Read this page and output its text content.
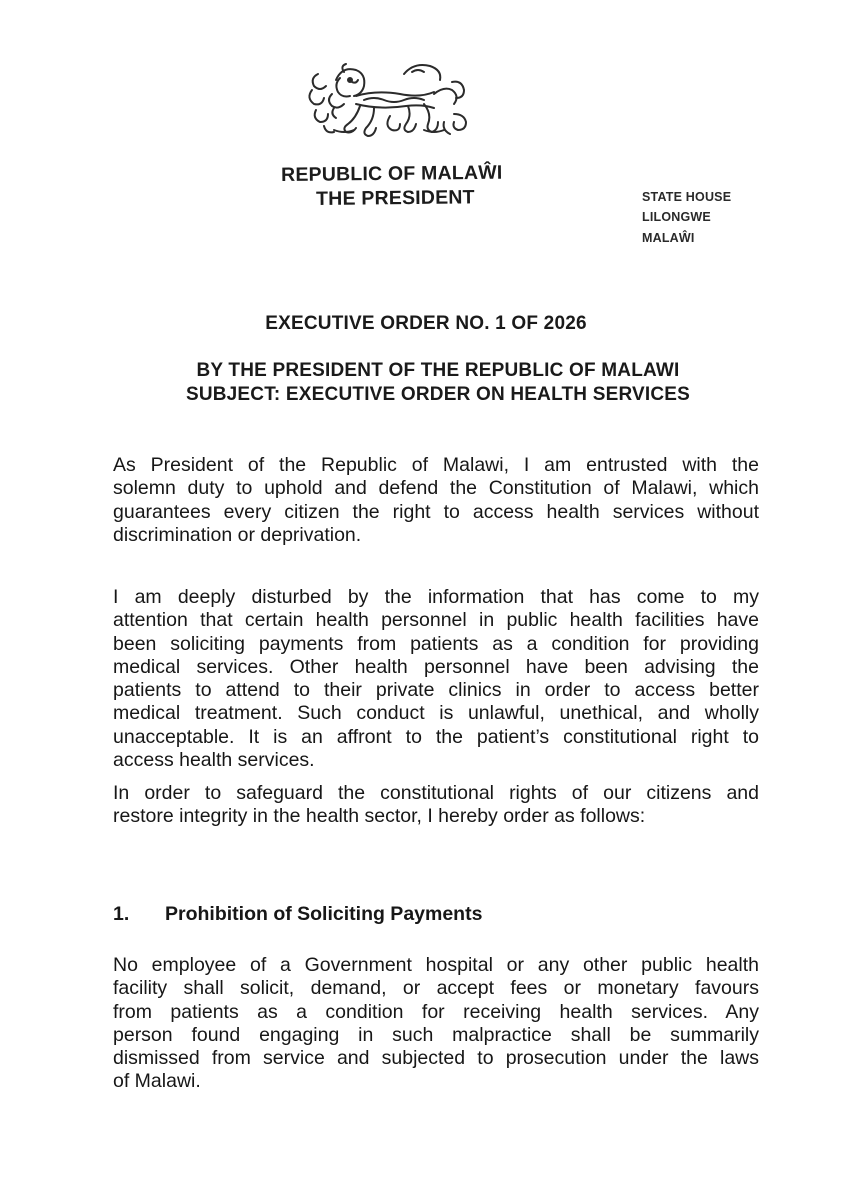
REPUBLIC OF MALAŴI
THE PRESIDENT	STATE HOUSE
LILONGWE
MALAŴI
EXECUTIVE ORDER NO. 1 OF 2026
BY THE PRESIDENT OF THE REPUBLIC OF MALAWI
SUBJECT: EXECUTIVE ORDER ON HEALTH SERVICES
As President of the Republic of Malawi, I am entrusted with the
solemn duty to uphold and defend the Constitution of Malawi, which
guarantees every citizen the right to access health services without
discrimination or deprivation.
I am deeply disturbed by the information that has come to my
attention that certain health personnel in public health facilities have
been soliciting payments from patients as a condition for providing
medical services. Other health personnel have been advising the
patients to attend to their private clinics in order to access better
medical treatment. Such conduct is unlawful, unethical, and wholly
unacceptable. It is an affront to the patient’s constitutional right to
access health services.
In order to safeguard the constitutional rights of our citizens and
restore integrity in the health sector, I hereby order as follows:
1. Prohibition of Soliciting Payments
No employee of a Government hospital or any other public health
facility shall solicit, demand, or accept fees or monetary favours
from patients as a condition for receiving health services. Any
person found engaging in such malpractice shall be summarily
dismissed from service and subjected to prosecution under the laws
of Malawi.
